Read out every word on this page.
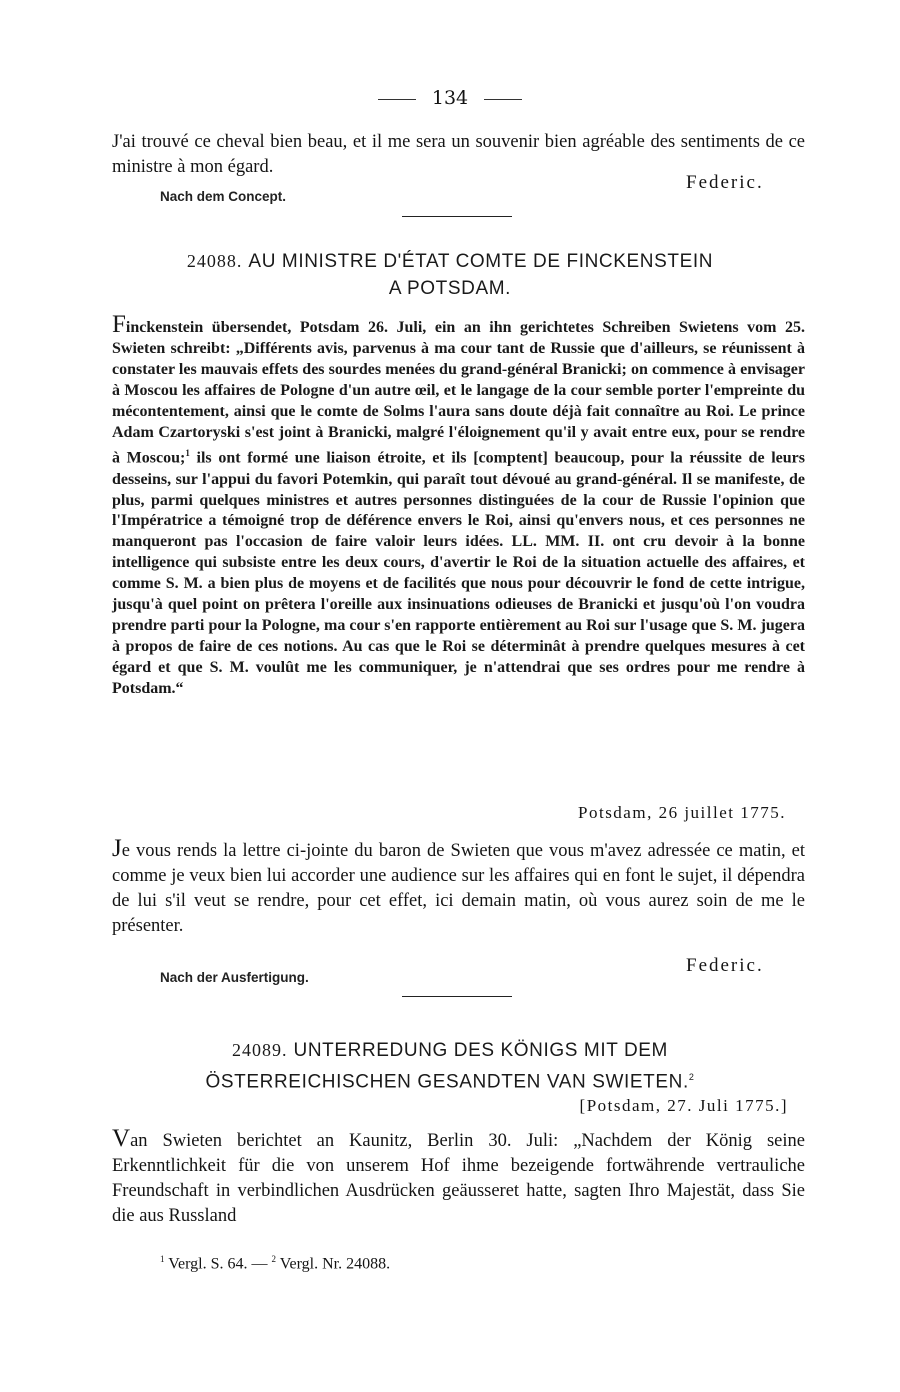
134

J'ai trouvé ce cheval bien beau, et il me sera un souvenir bien agréable des sentiments de ce ministre à mon égard.

Federic.
Nach dem Concept.
24088. AU MINISTRE D'ÉTAT COMTE DE FINCKENSTEIN
A POTSDAM.

Finckenstein übersendet, Potsdam 26. Juli, ein an ihn gerichtetes Schreiben Swietens vom 25. Swieten schreibt: „Différents avis, parvenus à ma cour tant de Russie que d'ailleurs, se réunissent à constater les mauvais effets des sourdes menées du grand-général Branicki; on commence à envisager à Moscou les affaires de Pologne d'un autre œil, et le langage de la cour semble porter l'empreinte du mécontentement, ainsi que le comte de Solms l'aura sans doute déjà fait connaître au Roi. Le prince Adam Czartoryski s'est joint à Branicki, malgré l'éloignement qu'il y avait entre eux, pour se rendre à Moscou;$^1$ ils ont formé une liaison étroite, et ils [comptent] beaucoup, pour la réussite de leurs desseins, sur l'appui du favori Potemkin, qui paraît tout dévoué au grand-général. Il se manifeste, de plus, parmi quelques ministres et autres personnes distinguées de la cour de Russie l'opinion que l'Impératrice a témoigné trop de déférence envers le Roi, ainsi qu'envers nous, et ces personnes ne manqueront pas l'occasion de faire valoir leurs idées. LL. MM. II. ont cru devoir à la bonne intelligence qui subsiste entre les deux cours, d'avertir le Roi de la situation actuelle des affaires, et comme S. M. a bien plus de moyens et de facilités que nous pour découvrir le fond de cette intrigue, jusqu'à quel point on prêtera l'oreille aux insinuations odieuses de Branicki et jusqu'où l'on voudra prendre parti pour la Pologne, ma cour s'en rapporte entièrement au Roi sur l'usage que S. M. jugera à propos de faire de ces notions. Au cas que le Roi se déterminât à prendre quelques mesures à cet égard et que S. M. voulût me les communiquer, je n'attendrai que ses ordres pour me rendre à Potsdam.“

Potsdam, 26 juillet 1775.

Je vous rends la lettre ci-jointe du baron de Swieten que vous m'avez adressée ce matin, et comme je veux bien lui accorder une audience sur les affaires qui en font le sujet, il dépendra de lui s'il veut se rendre, pour cet effet, ici demain matin, où vous aurez soin de me le présenter.

Federic.
Nach der Ausfertigung.
24089. UNTERREDUNG DES KÖNIGS MIT DEM
ÖSTERREICHISCHEN GESANDTEN VAN SWIETEN.$^2$
[Potsdam, 27. Juli 1775.]

Van Swieten berichtet an Kaunitz, Berlin 30. Juli: „Nachdem der König seine Erkenntlichkeit für die von unserem Hof ihme bezeigende fortwährende vertrauliche Freundschaft in verbindlichen Ausdrücken geäusseret hatte, sagten Ihro Majestät, dass Sie die aus Russland

$^1$ Vergl. S. 64. — $^2$ Vergl. Nr. 24088.
